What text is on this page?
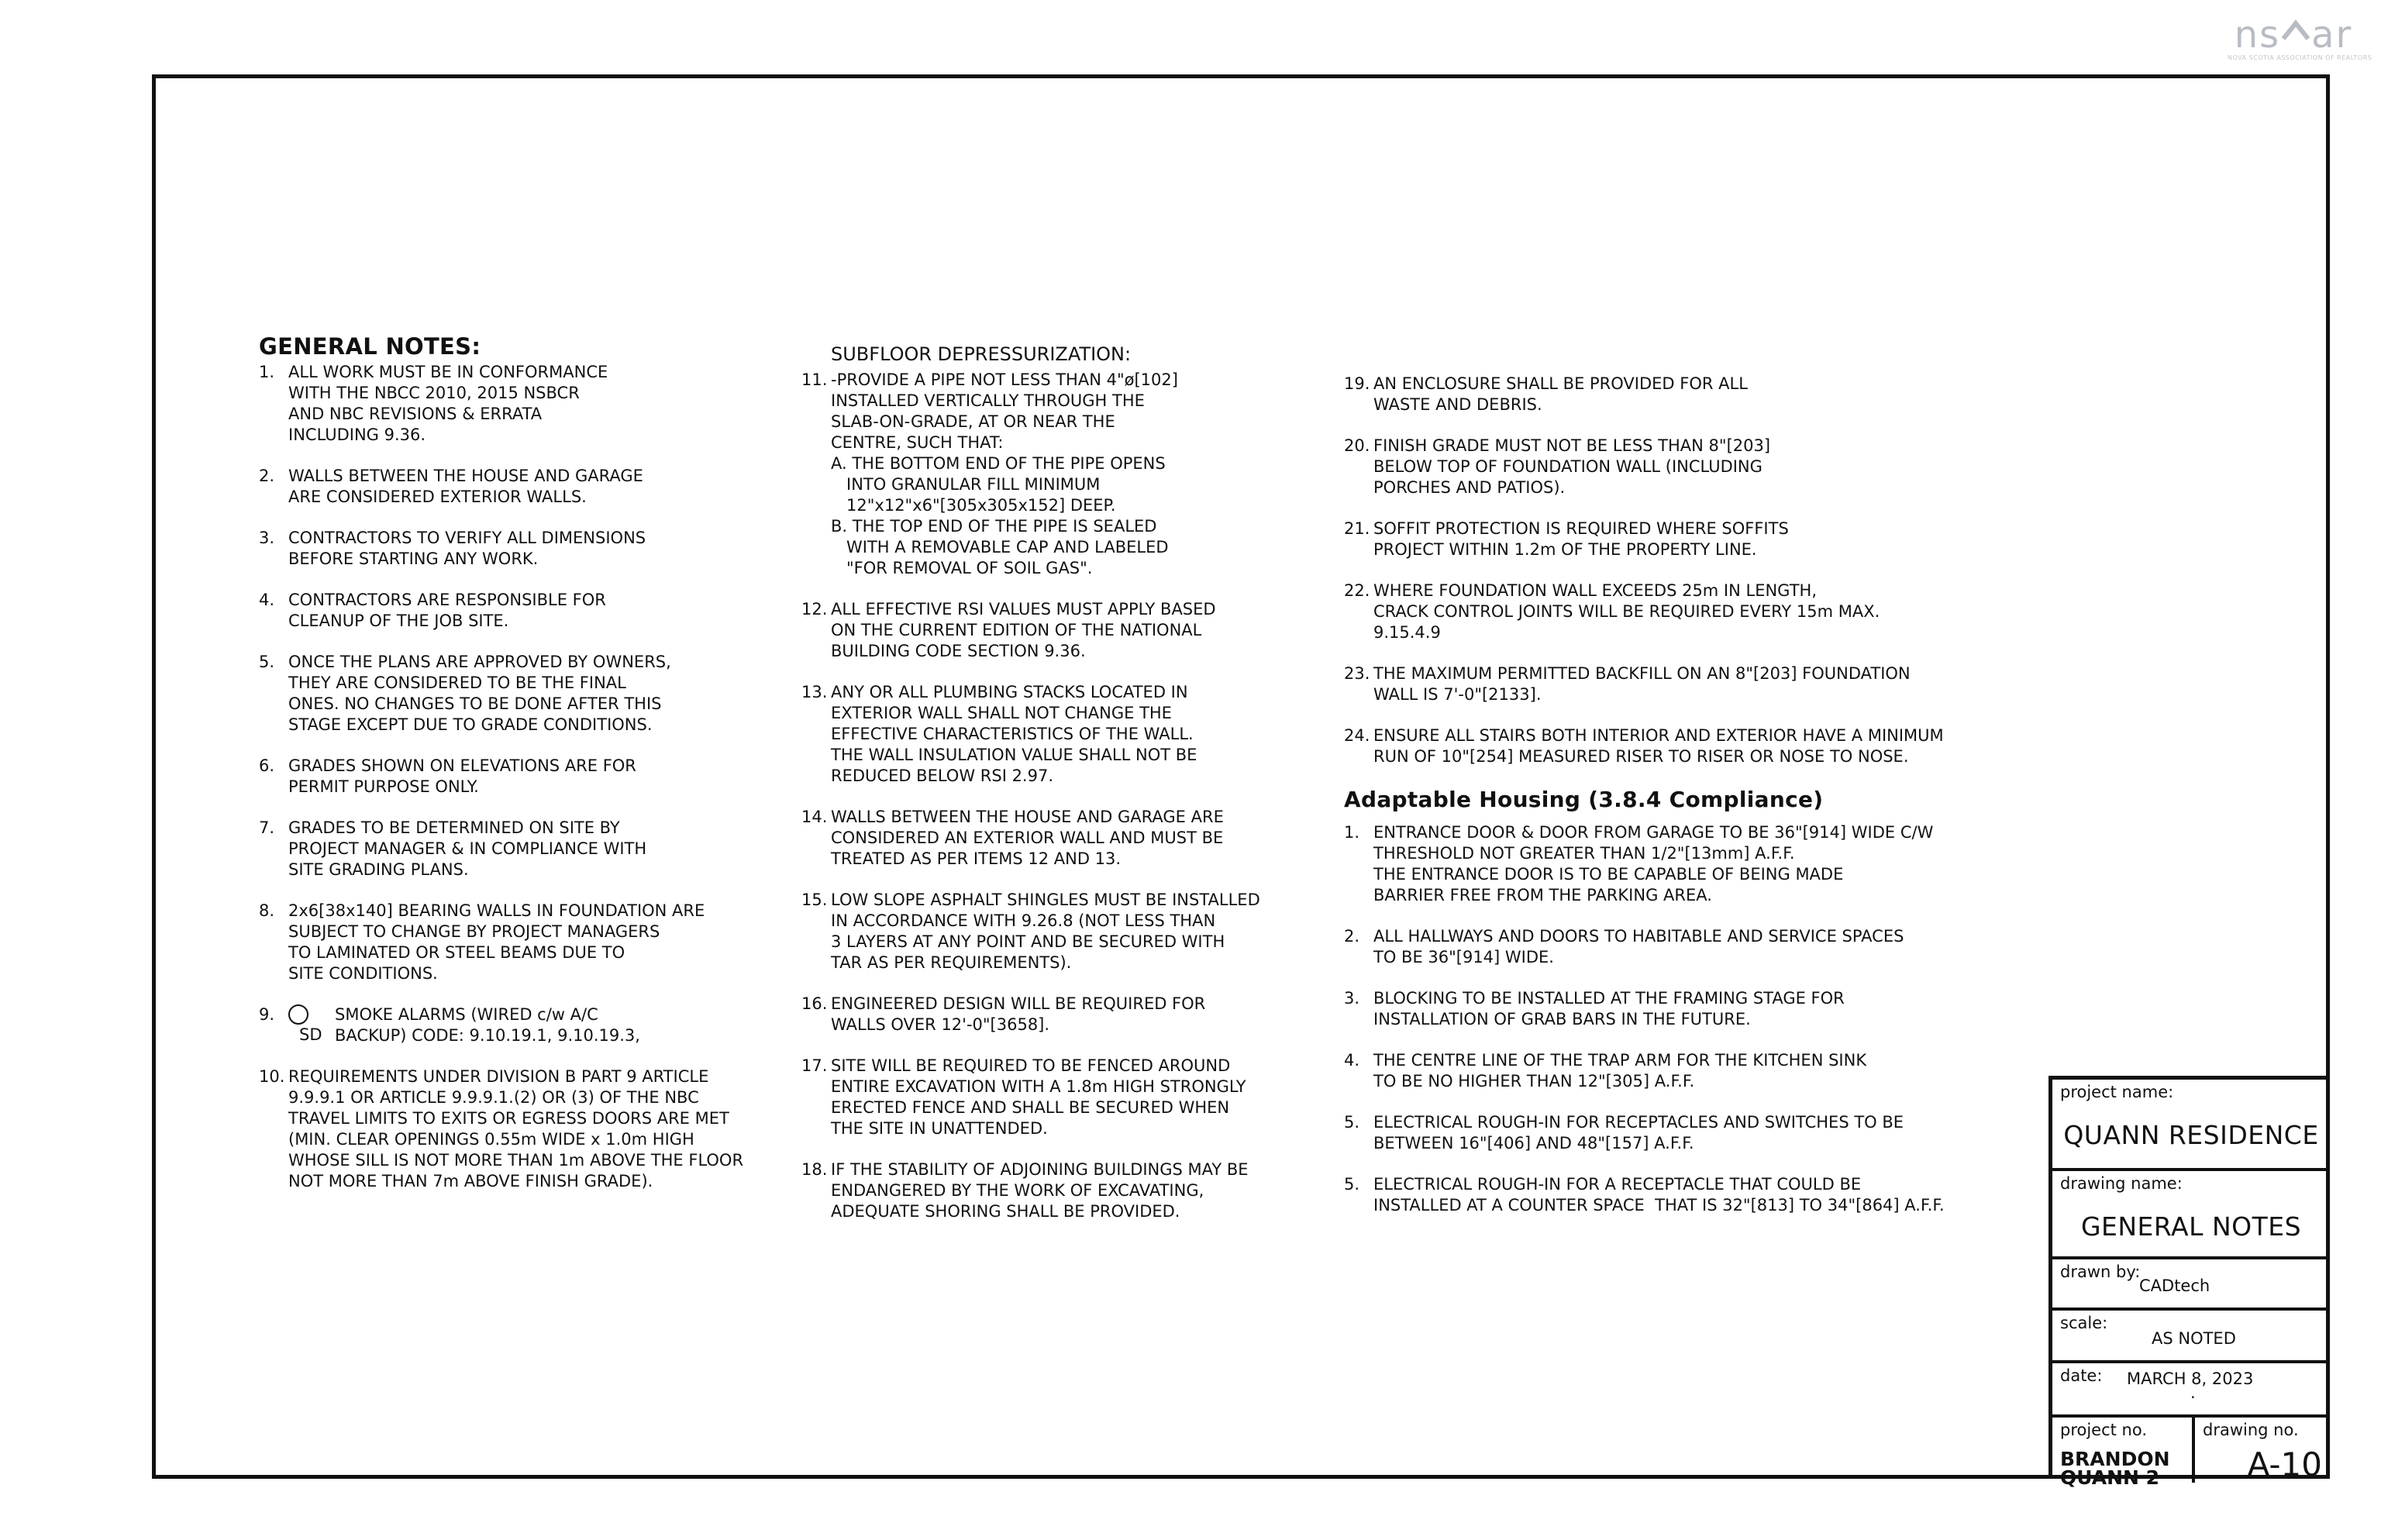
ns ar
NOVA SCOTIA ASSOCIATION OF REALTORS
GENERAL NOTES:
1. ALL WORK MUST BE IN CONFORMANCE
WITH THE NBCC 2010, 2015 NSBCR
AND NBC REVISIONS & ERRATA
INCLUDING 9.36.
2. WALLS BETWEEN THE HOUSE AND GARAGE
ARE CONSIDERED EXTERIOR WALLS.
3. CONTRACTORS TO VERIFY ALL DIMENSIONS
BEFORE STARTING ANY WORK.
4. CONTRACTORS ARE RESPONSIBLE FOR
CLEANUP OF THE JOB SITE.
5. ONCE THE PLANS ARE APPROVED BY OWNERS,
THEY ARE CONSIDERED TO BE THE FINAL
ONES. NO CHANGES TO BE DONE AFTER THIS
STAGE EXCEPT DUE TO GRADE CONDITIONS.
6. GRADES SHOWN ON ELEVATIONS ARE FOR
PERMIT PURPOSE ONLY.
7. GRADES TO BE DETERMINED ON SITE BY
PROJECT MANAGER & IN COMPLIANCE WITH
SITE GRADING PLANS.
8. 2x6[38x140] BEARING WALLS IN FOUNDATION ARE
SUBJECT TO CHANGE BY PROJECT MANAGERS
TO LAMINATED OR STEEL BEAMS DUE TO
SITE CONDITIONS.
9.
SD
SMOKE ALARMS (WIRED c/w A/C
BACKUP) CODE: 9.10.19.1, 9.10.19.3,
10. REQUIREMENTS UNDER DIVISION B PART 9 ARTICLE
9.9.9.1 OR ARTICLE 9.9.9.1.(2) OR (3) OF THE NBC
TRAVEL LIMITS TO EXITS OR EGRESS DOORS ARE MET
(MIN. CLEAR OPENINGS 0.55m WIDE x 1.0m HIGH
WHOSE SILL IS NOT MORE THAN 1m ABOVE THE FLOOR
NOT MORE THAN 7m ABOVE FINISH GRADE).
SUBFLOOR DEPRESSURIZATION:
11. -PROVIDE A PIPE NOT LESS THAN 4"ø[102]
INSTALLED VERTICALLY THROUGH THE
SLAB-ON-GRADE, AT OR NEAR THE
CENTRE, SUCH THAT:
A. THE BOTTOM END OF THE PIPE OPENS
INTO GRANULAR FILL MINIMUM
12"x12"x6"[305x305x152] DEEP.
B. THE TOP END OF THE PIPE IS SEALED
WITH A REMOVABLE CAP AND LABELED
"FOR REMOVAL OF SOIL GAS".
12. ALL EFFECTIVE RSI VALUES MUST APPLY BASED
ON THE CURRENT EDITION OF THE NATIONAL
BUILDING CODE SECTION 9.36.
13. ANY OR ALL PLUMBING STACKS LOCATED IN
EXTERIOR WALL SHALL NOT CHANGE THE
EFFECTIVE CHARACTERISTICS OF THE WALL.
THE WALL INSULATION VALUE SHALL NOT BE
REDUCED BELOW RSI 2.97.
14. WALLS BETWEEN THE HOUSE AND GARAGE ARE
CONSIDERED AN EXTERIOR WALL AND MUST BE
TREATED AS PER ITEMS 12 AND 13.
15. LOW SLOPE ASPHALT SHINGLES MUST BE INSTALLED
IN ACCORDANCE WITH 9.26.8 (NOT LESS THAN
3 LAYERS AT ANY POINT AND BE SECURED WITH
TAR AS PER REQUIREMENTS).
16. ENGINEERED DESIGN WILL BE REQUIRED FOR
WALLS OVER 12'-0"[3658].
17. SITE WILL BE REQUIRED TO BE FENCED AROUND
ENTIRE EXCAVATION WITH A 1.8m HIGH STRONGLY
ERECTED FENCE AND SHALL BE SECURED WHEN
THE SITE IN UNATTENDED.
18. IF THE STABILITY OF ADJOINING BUILDINGS MAY BE
ENDANGERED BY THE WORK OF EXCAVATING,
ADEQUATE SHORING SHALL BE PROVIDED.
19. AN ENCLOSURE SHALL BE PROVIDED FOR ALL
WASTE AND DEBRIS.
20. FINISH GRADE MUST NOT BE LESS THAN 8"[203]
BELOW TOP OF FOUNDATION WALL (INCLUDING
PORCHES AND PATIOS).
21. SOFFIT PROTECTION IS REQUIRED WHERE SOFFITS
PROJECT WITHIN 1.2m OF THE PROPERTY LINE.
22. WHERE FOUNDATION WALL EXCEEDS 25m IN LENGTH,
CRACK CONTROL JOINTS WILL BE REQUIRED EVERY 15m MAX.
9.15.4.9
23. THE MAXIMUM PERMITTED BACKFILL ON AN 8"[203] FOUNDATION
WALL IS 7'-0"[2133].
24. ENSURE ALL STAIRS BOTH INTERIOR AND EXTERIOR HAVE A MINIMUM
RUN OF 10"[254] MEASURED RISER TO RISER OR NOSE TO NOSE.
Adaptable Housing (3.8.4 Compliance)
1. ENTRANCE DOOR & DOOR FROM GARAGE TO BE 36"[914] WIDE C/W
THRESHOLD NOT GREATER THAN 1/2"[13mm] A.F.F.
THE ENTRANCE DOOR IS TO BE CAPABLE OF BEING MADE
BARRIER FREE FROM THE PARKING AREA.
2. ALL HALLWAYS AND DOORS TO HABITABLE AND SERVICE SPACES
TO BE 36"[914] WIDE.
3. BLOCKING TO BE INSTALLED AT THE FRAMING STAGE FOR
INSTALLATION OF GRAB BARS IN THE FUTURE.
4. THE CENTRE LINE OF THE TRAP ARM FOR THE KITCHEN SINK
TO BE NO HIGHER THAN 12"[305] A.F.F.
5. ELECTRICAL ROUGH-IN FOR RECEPTACLES AND SWITCHES TO BE
BETWEEN 16"[406] AND 48"[157] A.F.F.
5. ELECTRICAL ROUGH-IN FOR A RECEPTACLE THAT COULD BE
INSTALLED AT A COUNTER SPACE  THAT IS 32"[813] TO 34"[864] A.F.F.
project name:
QUANN RESIDENCE
drawing name:
GENERAL NOTES
drawn by:
CADtech
scale:
AS NOTED
date: MARCH 8, 2023
.
project no.
BRANDON
QUANN 2
drawing no.
A-10
